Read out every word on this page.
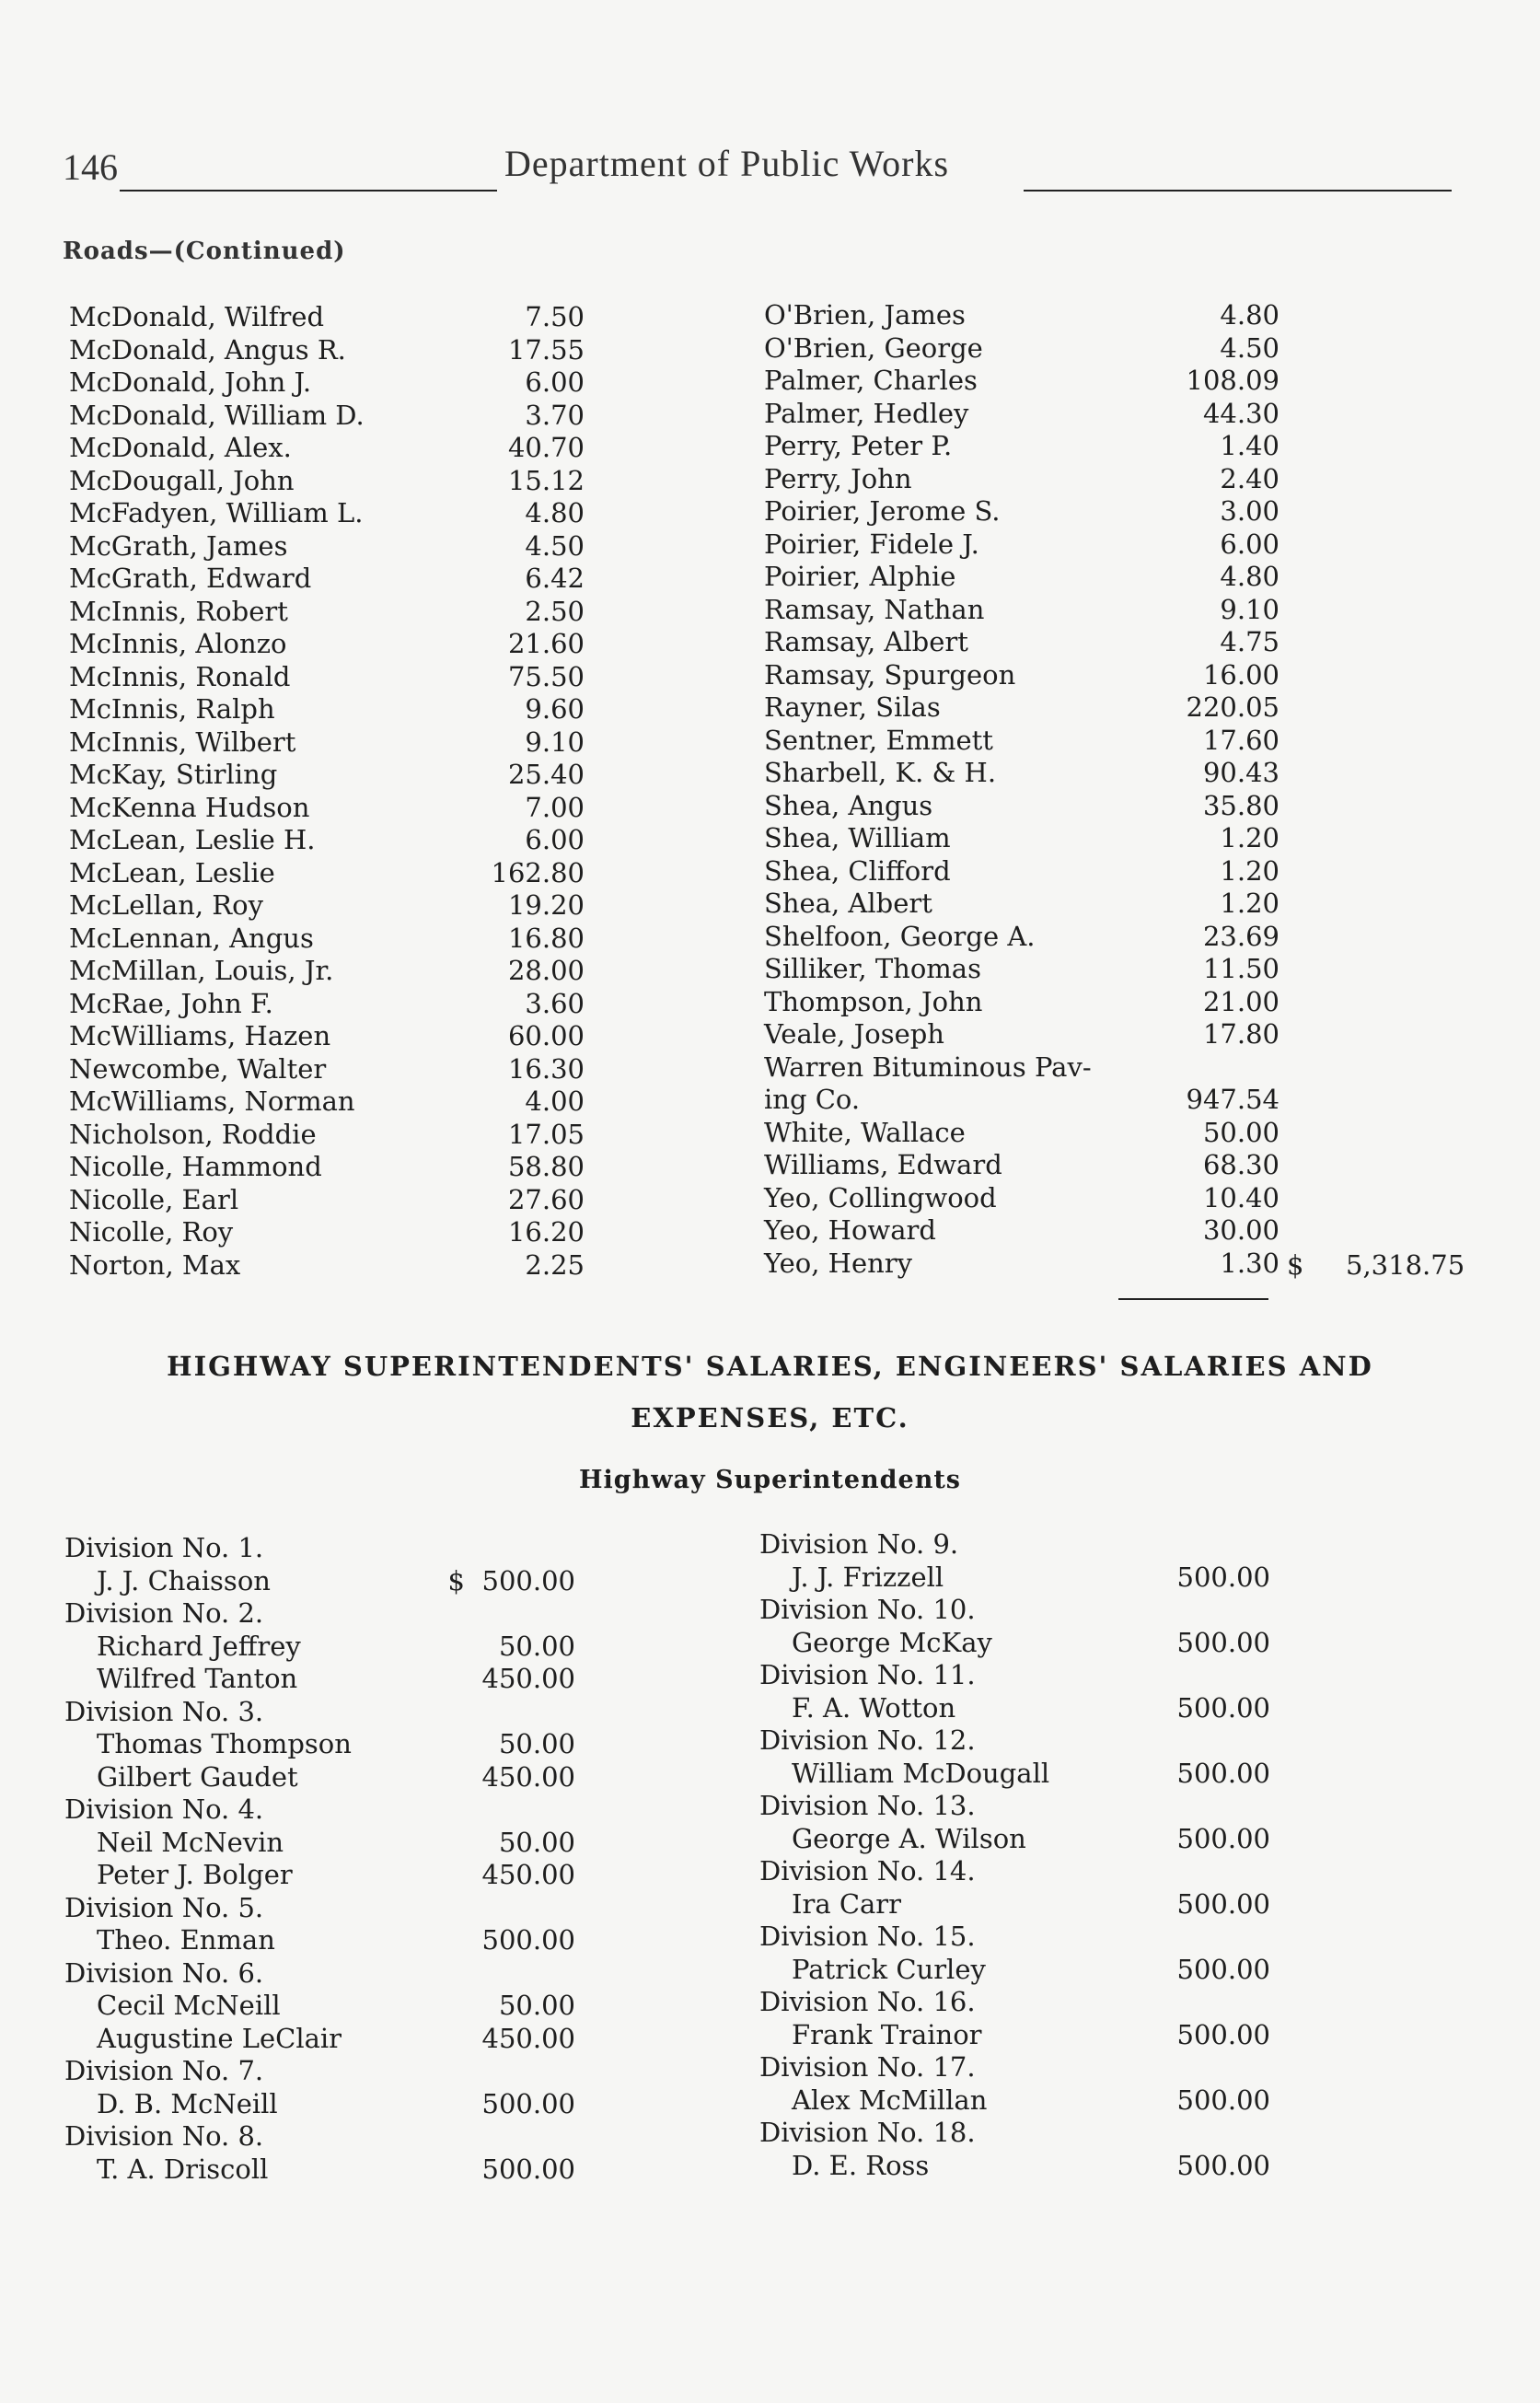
146	Department of Public Works
Roads—(Continued)
McDonald, Wilfred	7.50
McDonald, Angus R.	17.55
McDonald, John J.	6.00
McDonald, William D.	3.70
McDonald, Alex.	40.70
McDougall, John	15.12
McFadyen, William L.	4.80
McGrath, James	4.50
McGrath, Edward	6.42
McInnis, Robert	2.50
McInnis, Alonzo	21.60
McInnis, Ronald	75.50
McInnis, Ralph	9.60
McInnis, Wilbert	9.10
McKay, Stirling	25.40
McKenna Hudson	7.00
McLean, Leslie H.	6.00
McLean, Leslie	162.80
McLellan, Roy	19.20
McLennan, Angus	16.80
McMillan, Louis, Jr.	28.00
McRae, John F.	3.60
McWilliams, Hazen	60.00
Newcombe, Walter	16.30
McWilliams, Norman	4.00
Nicholson, Roddie	17.05
Nicolle, Hammond	58.80
Nicolle, Earl	27.60
Nicolle, Roy	16.20
Norton, Max	2.25
O'Brien, James	4.80
O'Brien, George	4.50
Palmer, Charles	108.09
Palmer, Hedley	44.30
Perry, Peter P.	1.40
Perry, John	2.40
Poirier, Jerome S.	3.00
Poirier, Fidele J.	6.00
Poirier, Alphie	4.80
Ramsay, Nathan	9.10
Ramsay, Albert	4.75
Ramsay, Spurgeon	16.00
Rayner, Silas	220.05
Sentner, Emmett	17.60
Sharbell, K. & H.	90.43
Shea, Angus	35.80
Shea, William	1.20
Shea, Clifford	1.20
Shea, Albert	1.20
Shelfoon, George A.	23.69
Silliker, Thomas	11.50
Thompson, John	21.00
Veale, Joseph	17.80
Warren Bituminous Pav-
ing Co.	947.54
White, Wallace	50.00
Williams, Edward	68.30
Yeo, Collingwood	10.40
Yeo, Howard	30.00
Yeo, Henry	1.30 $ 5,318.75
HIGHWAY SUPERINTENDENTS' SALARIES, ENGINEERS' SALARIES AND
EXPENSES, ETC.
Highway Superintendents
Division No. 1.
J. J. Chaisson	$ 500.00
Division No. 2.
Richard Jeffrey	50.00
Wilfred Tanton	450.00
Division No. 3.
Thomas Thompson	50.00
Gilbert Gaudet	450.00
Division No. 4.
Neil McNevin	50.00
Peter J. Bolger	450.00
Division No. 5.
Theo. Enman	500.00
Division No. 6.
Cecil McNeill	50.00
Augustine LeClair	450.00
Division No. 7.
D. B. McNeill	500.00
Division No. 8.
T. A. Driscoll	500.00
Division No. 9.
J. J. Frizzell	500.00
Division No. 10.
George McKay	500.00
Division No. 11.
F. A. Wotton	500.00
Division No. 12.
William McDougall	500.00
Division No. 13.
George A. Wilson	500.00
Division No. 14.
Ira Carr	500.00
Division No. 15.
Patrick Curley	500.00
Division No. 16.
Frank Trainor	500.00
Division No. 17.
Alex McMillan	500.00
Division No. 18.
D. E. Ross	500.00
